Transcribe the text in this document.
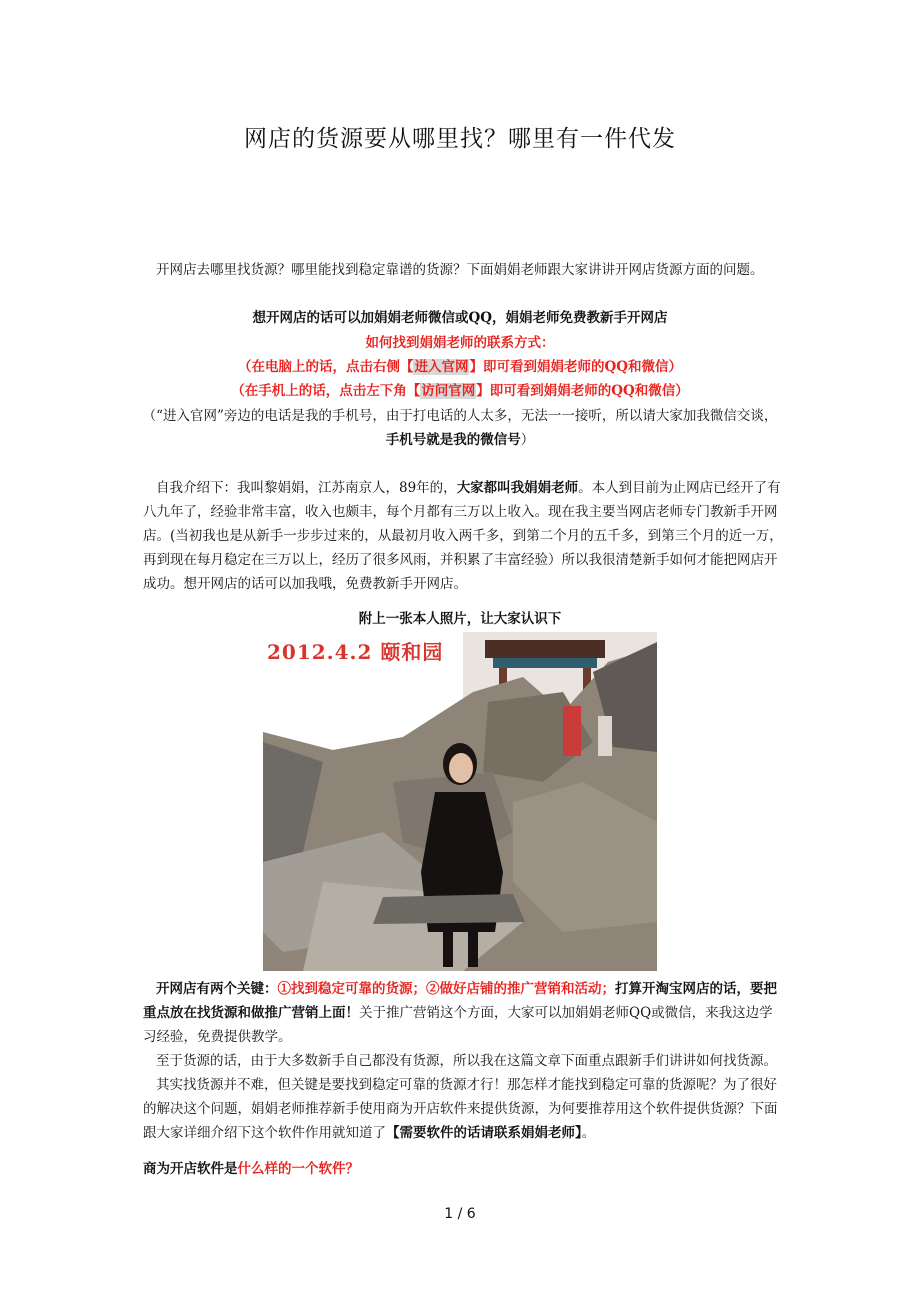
网店的货源要从哪里找？哪里有一件代发
开网店去哪里找货源？哪里能找到稳定靠谱的货源？下面娟娟老师跟大家讲讲开网店货源方面的问题。
想开网店的话可以加娟娟老师微信或QQ，娟娟老师免费教新手开网店
如何找到娟娟老师的联系方式：
（在电脑上的话，点击右侧【进入官网】即可看到娟娟老师的QQ和微信）
（在手机上的话，点击左下角【访问官网】即可看到娟娟老师的QQ和微信）
（“进入官网”旁边的电话是我的手机号，由于打电话的人太多，无法一一接听，所以请大家加我微信交谈，手机号就是我的微信号）
自我介绍下：我叫黎娟娟，江苏南京人，89年的，大家都叫我娟娟老师。本人到目前为止网店已经开了有八九年了，经验非常丰富，收入也颇丰，每个月都有三万以上收入。现在我主要当网店老师专门教新手开网店。(当初我也是从新手一步步过来的，从最初月收入两千多，到第二个月的五千多，到第三个月的近一万，再到现在每月稳定在三万以上，经历了很多风雨，并积累了丰富经验）所以我很清楚新手如何才能把网店开成功。想开网店的话可以加我哦，免费教新手开网店。
附上一张本人照片，让大家认识下
2012.4.2 颐和园
开网店有两个关键：①找到稳定可靠的货源；②做好店铺的推广营销和活动；打算开淘宝网店的话，要把重点放在找货源和做推广营销上面！关于推广营销这个方面，大家可以加娟娟老师QQ或微信，来我这边学习经验，免费提供教学。
至于货源的话，由于大多数新手自己都没有货源，所以我在这篇文章下面重点跟新手们讲讲如何找货源。
其实找货源并不难，但关键是要找到稳定可靠的货源才行！那怎样才能找到稳定可靠的货源呢？为了很好的解决这个问题，娟娟老师推荐新手使用商为开店软件来提供货源，为何要推荐用这个软件提供货源？下面跟大家详细介绍下这个软件作用就知道了【需要软件的话请联系娟娟老师】。
商为开店软件是什么样的一个软件？
1 / 6
